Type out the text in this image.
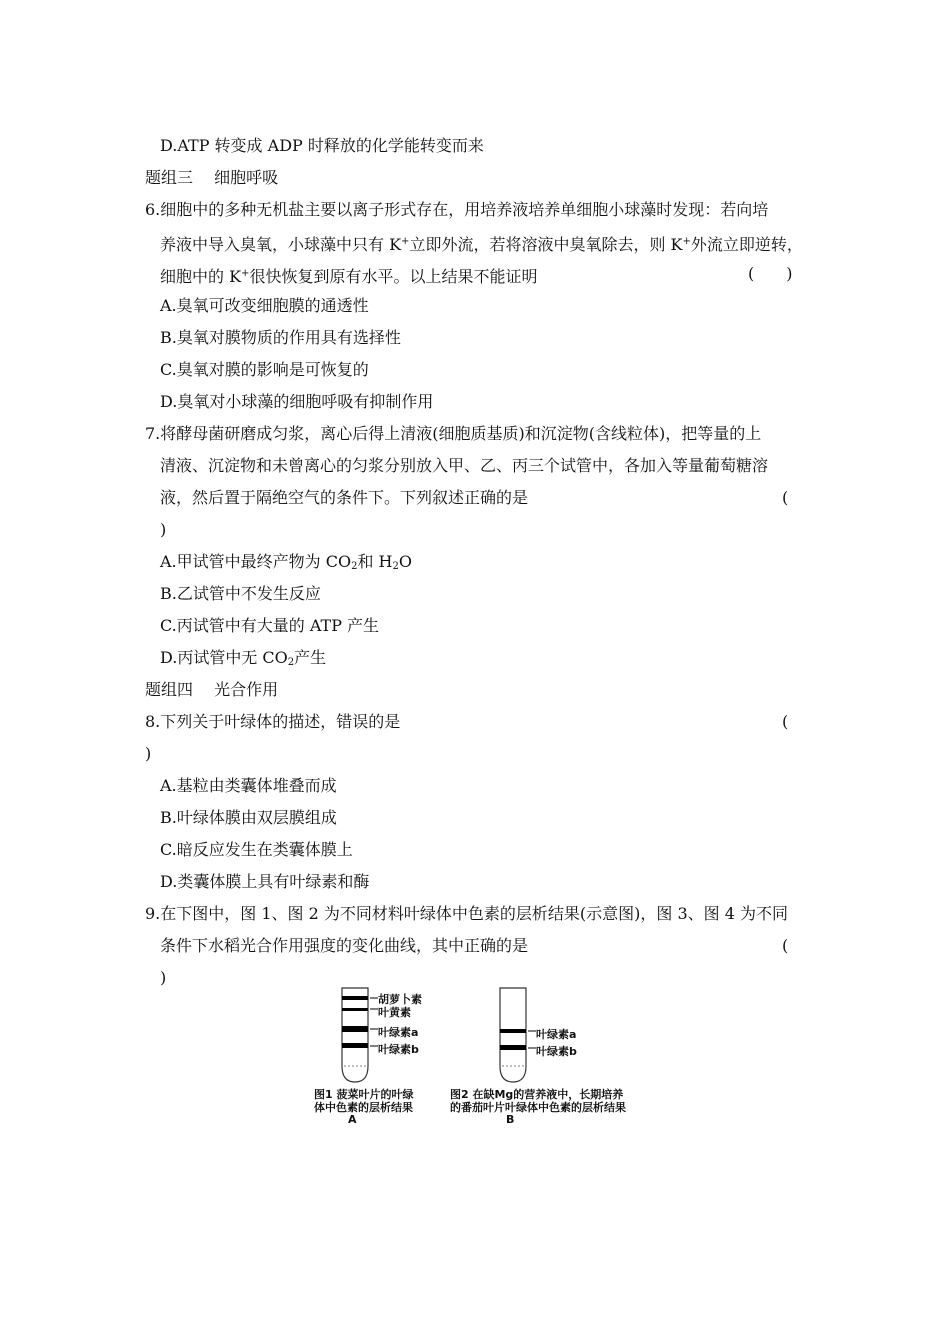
D.ATP 转变成 ADP 时释放的化学能转变而来
题组三　 细胞呼吸
6.细胞中的多种无机盐主要以离子形式存在，用培养液培养单细胞小球藻时发现：若向培
养液中导入臭氧，小球藻中只有 K+立即外流，若将溶液中臭氧除去，则 K+外流立即逆转，
细胞中的 K+很快恢复到原有水平。以上结果不能证明	(　　)
A.臭氧可改变细胞膜的通透性
B.臭氧对膜物质的作用具有选择性
C.臭氧对膜的影响是可恢复的
D.臭氧对小球藻的细胞呼吸有抑制作用
7.将酵母菌研磨成匀浆，离心后得上清液(细胞质基质)和沉淀物(含线粒体)，把等量的上
清液、沉淀物和未曾离心的匀浆分别放入甲、乙、丙三个试管中，各加入等量葡萄糖溶
液，然后置于隔绝空气的条件下。下列叙述正确的是	(
)
A.甲试管中最终产物为 $CO_2$和 $H_2O$
B.乙试管中不发生反应
C.丙试管中有大量的 ATP 产生
D.丙试管中无 $CO_2$产生
题组四　 光合作用
8.下列关于叶绿体的描述，错误的是	(
)
A.基粒由类囊体堆叠而成
B.叶绿体膜由双层膜组成
C.暗反应发生在类囊体膜上
D.类囊体膜上具有叶绿素和酶
9.在下图中，图 1、图 2 为不同材料叶绿体中色素的层析结果(示意图)，图 3、图 4 为不同
条件下水稻光合作用强度的变化曲线，其中正确的是	(
)
胡萝卜素
叶黄素
叶绿素a
叶绿素b
图1 菠菜叶片的叶绿
体中色素的层析结果
A
叶绿素a
叶绿素b
图2 在缺Mg的营养液中，长期培养
的番茄叶片叶绿体中色素的层析结果
B
